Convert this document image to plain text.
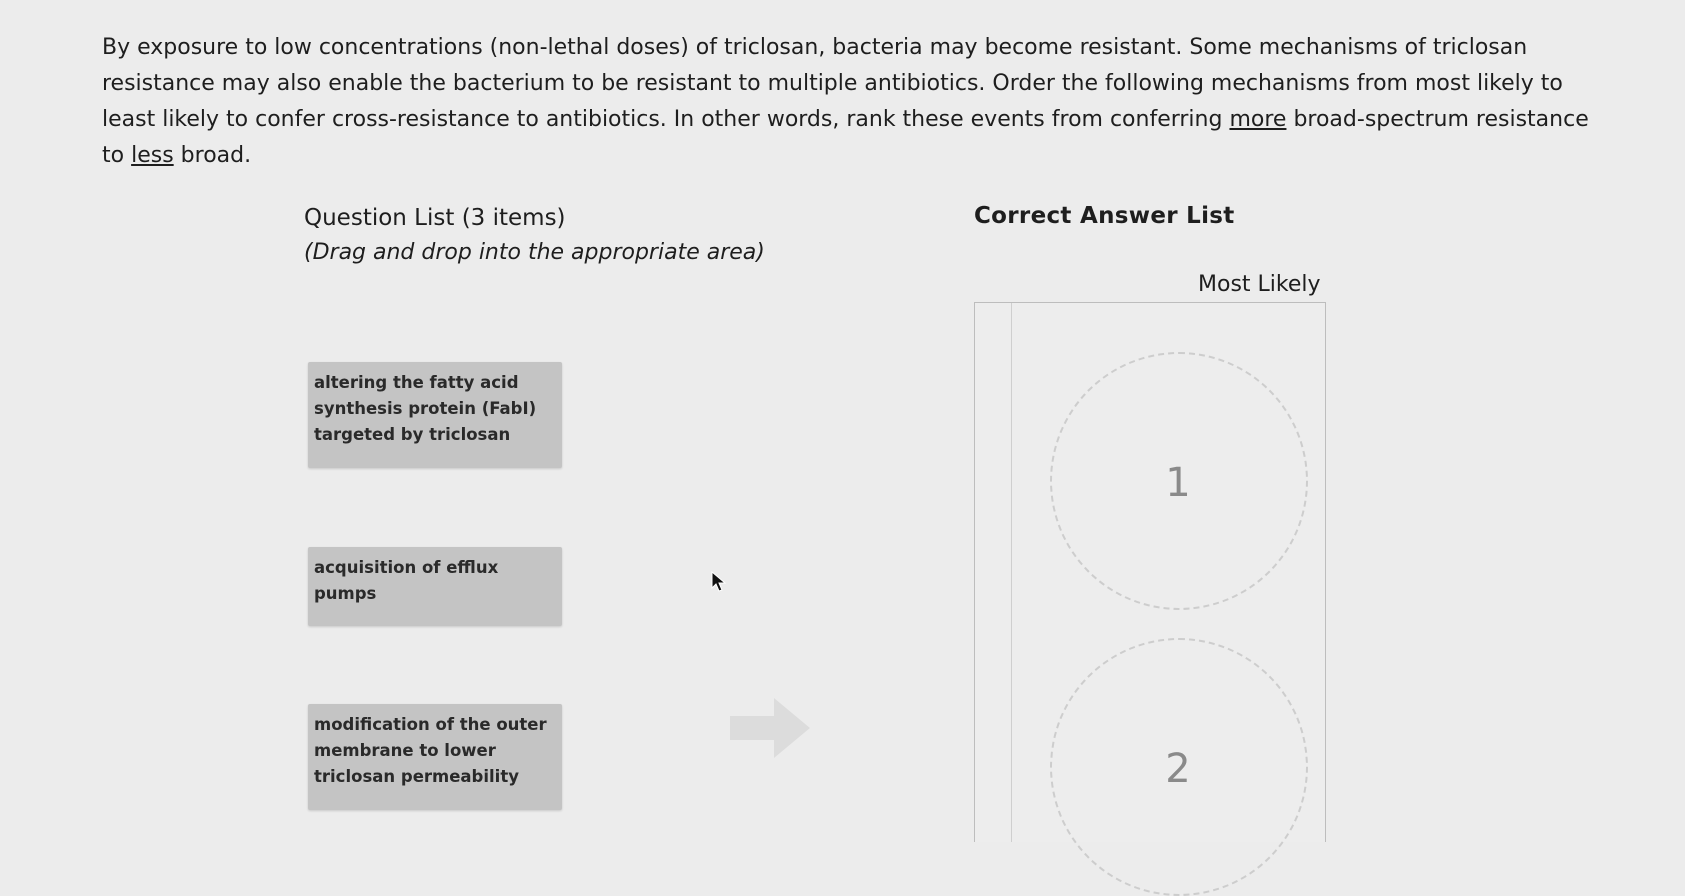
By exposure to low concentrations (non-lethal doses) of triclosan, bacteria may become resistant. Some mechanisms of triclosan resistance may also enable the bacterium to be resistant to multiple antibiotics. Order the following mechanisms from most likely to least likely to confer cross-resistance to antibiotics. In other words, rank these events from conferring more broad-spectrum resistance to less broad.

Question List (3 items)

(Drag and drop into the appropriate area)

altering the fatty acid synthesis protein (FabI) targeted by triclosan
acquisition of efflux pumps
modification of the outer membrane to lower triclosan permeability
Correct Answer List

Most Likely

1

2
